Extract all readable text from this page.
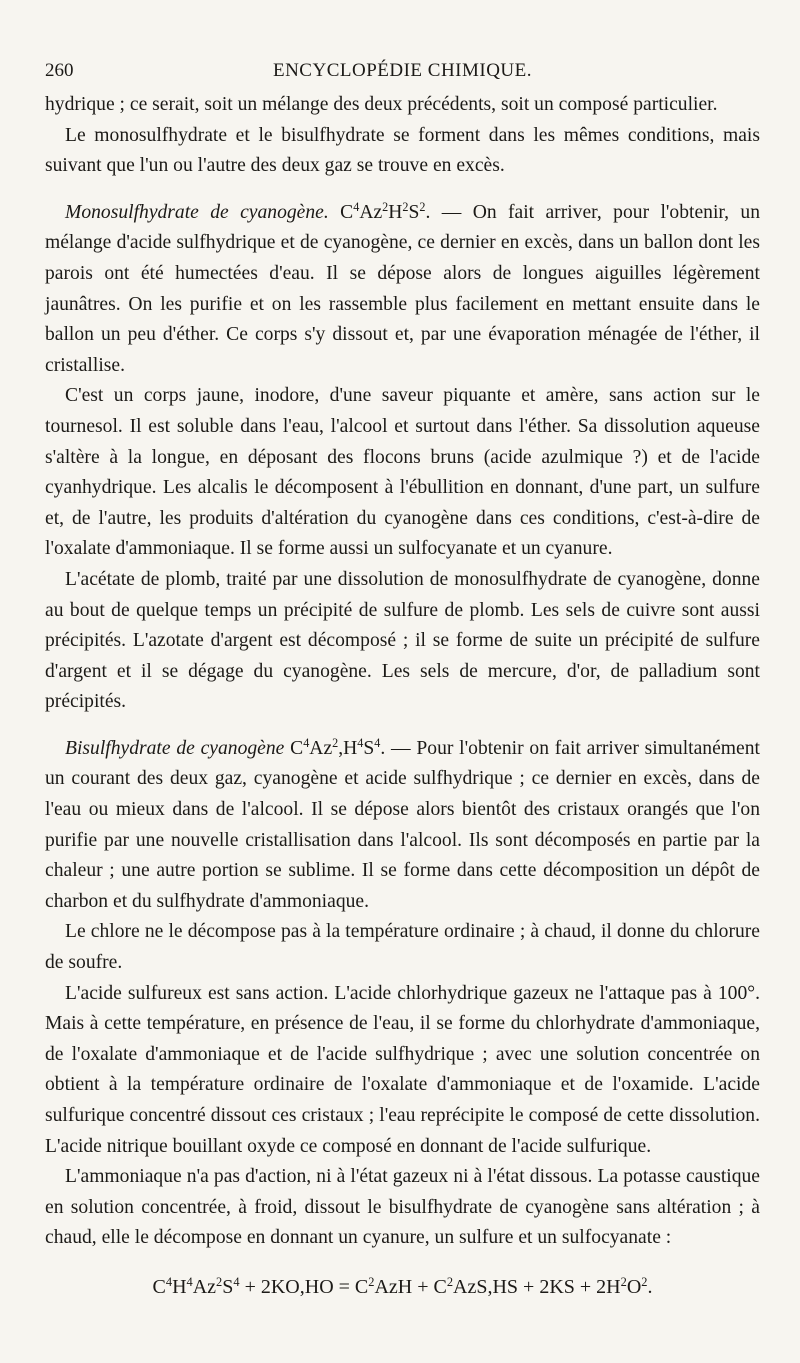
260	ENCYCLOPÉDIE CHIMIQUE.

hydrique ; ce serait, soit un mélange des deux précédents, soit un composé particulier.

Le monosulfhydrate et le bisulfhydrate se forment dans les mêmes conditions, mais suivant que l'un ou l'autre des deux gaz se trouve en excès.

Monosulfhydrate de cyanogène. $C^4Az^2H^2S^2$. — On fait arriver, pour l'obtenir, un mélange d'acide sulfhydrique et de cyanogène, ce dernier en excès, dans un ballon dont les parois ont été humectées d'eau. Il se dépose alors de longues aiguilles légèrement jaunâtres. On les purifie et on les rassemble plus facilement en mettant ensuite dans le ballon un peu d'éther. Ce corps s'y dissout et, par une évaporation ménagée de l'éther, il cristallise.

C'est un corps jaune, inodore, d'une saveur piquante et amère, sans action sur le tournesol. Il est soluble dans l'eau, l'alcool et surtout dans l'éther. Sa dissolution aqueuse s'altère à la longue, en déposant des flocons bruns (acide azulmique ?) et de l'acide cyanhydrique. Les alcalis le décomposent à l'ébullition en donnant, d'une part, un sulfure et, de l'autre, les produits d'altération du cyanogène dans ces conditions, c'est-à-dire de l'oxalate d'ammoniaque. Il se forme aussi un sulfocyanate et un cyanure.

L'acétate de plomb, traité par une dissolution de monosulfhydrate de cyanogène, donne au bout de quelque temps un précipité de sulfure de plomb. Les sels de cuivre sont aussi précipités. L'azotate d'argent est décomposé ; il se forme de suite un précipité de sulfure d'argent et il se dégage du cyanogène. Les sels de mercure, d'or, de palladium sont précipités.

Bisulfhydrate de cyanogène $C^4Az^2,H^4S^4$. — Pour l'obtenir on fait arriver simultanément un courant des deux gaz, cyanogène et acide sulfhydrique ; ce dernier en excès, dans de l'eau ou mieux dans de l'alcool. Il se dépose alors bientôt des cristaux orangés que l'on purifie par une nouvelle cristallisation dans l'alcool. Ils sont décomposés en partie par la chaleur ; une autre portion se sublime. Il se forme dans cette décomposition un dépôt de charbon et du sulfhydrate d'ammoniaque.

Le chlore ne le décompose pas à la température ordinaire ; à chaud, il donne du chlorure de soufre.

L'acide sulfureux est sans action. L'acide chlorhydrique gazeux ne l'attaque pas à 100°. Mais à cette température, en présence de l'eau, il se forme du chlorhydrate d'ammoniaque, de l'oxalate d'ammoniaque et de l'acide sulfhydrique ; avec une solution concentrée on obtient à la température ordinaire de l'oxalate d'ammoniaque et de l'oxamide. L'acide sulfurique concentré dissout ces cristaux ; l'eau reprécipite le composé de cette dissolution. L'acide nitrique bouillant oxyde ce composé en donnant de l'acide sulfurique.

L'ammoniaque n'a pas d'action, ni à l'état gazeux ni à l'état dissous. La potasse caustique en solution concentrée, à froid, dissout le bisulfhydrate de cyanogène sans altération ; à chaud, elle le décompose en donnant un cyanure, un sulfure et un sulfocyanate :

$C^4H^4Az^2S^4 + 2KO,HO = C^2AzH + C^2AzS,HS + 2KS + 2H^2O^2$.
